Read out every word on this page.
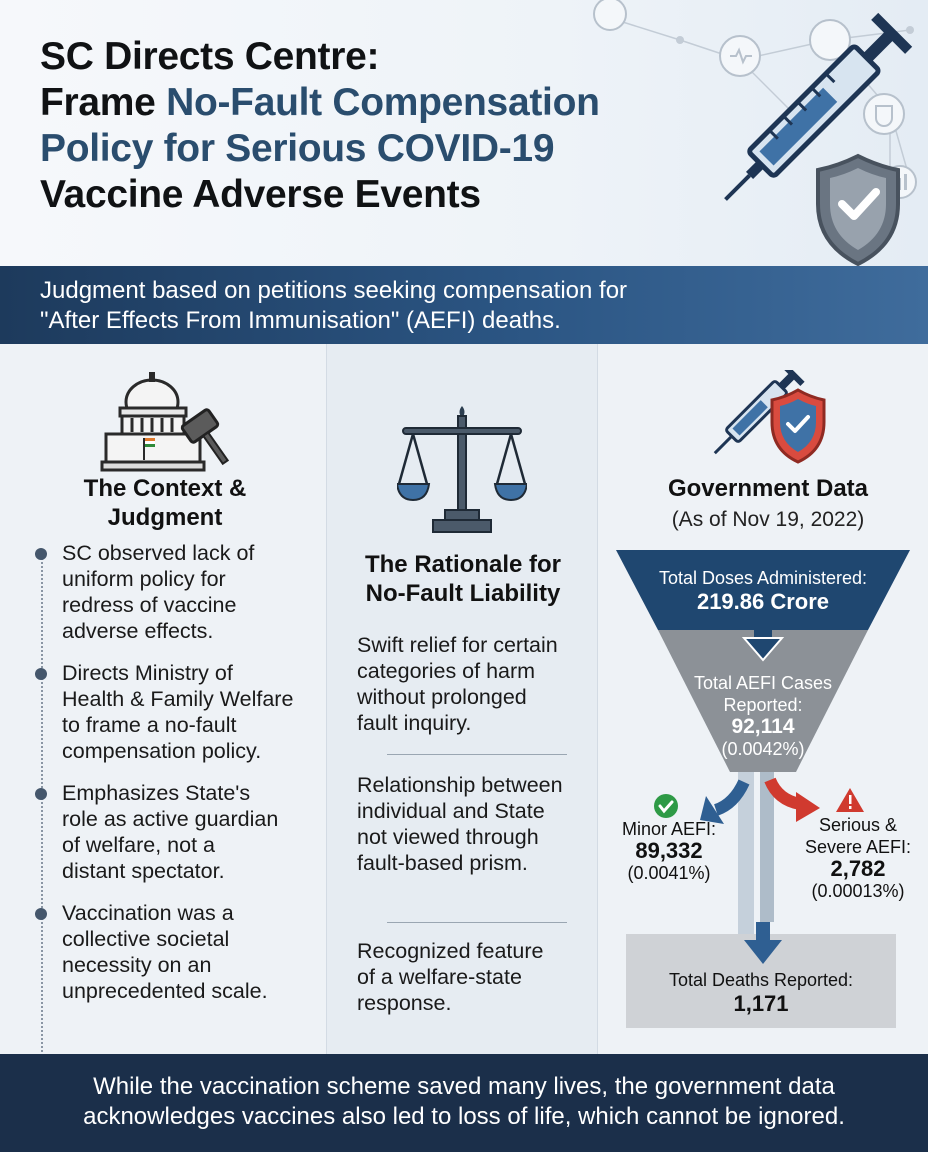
SC Directs Centre:
Frame No-Fault Compensation
Policy for Serious COVID-19
Vaccine Adverse Events
Judgment based on petitions seeking compensation for
"After Effects From Immunisation" (AEFI) deaths.
The Context &
Judgment
SC observed lack of
uniform policy for
redress of vaccine
adverse effects.
Directs Ministry of
Health & Family Welfare
to frame a no-fault
compensation policy.
Emphasizes State's
role as active guardian
of welfare, not a
distant spectator.
Vaccination was a
collective societal
necessity on an
unprecedented scale.
The Rationale for
No-Fault Liability
Swift relief for certain
categories of harm
without prolonged
fault inquiry.
Relationship between
individual and State
not viewed through
fault-based prism.
Recognized feature
of a welfare-state
response.
Government Data
(As of Nov 19, 2022)
Total Doses Administered:
219.86 Crore
Total AEFI Cases
Reported:
92,114
(0.0042%)
Minor AEFI:
89,332
(0.0041%)
Serious &
Severe AEFI:
2,782
(0.00013%)
Total Deaths Reported:
1,171
While the vaccination scheme saved many lives, the government data
acknowledges vaccines also led to loss of life, which cannot be ignored.
